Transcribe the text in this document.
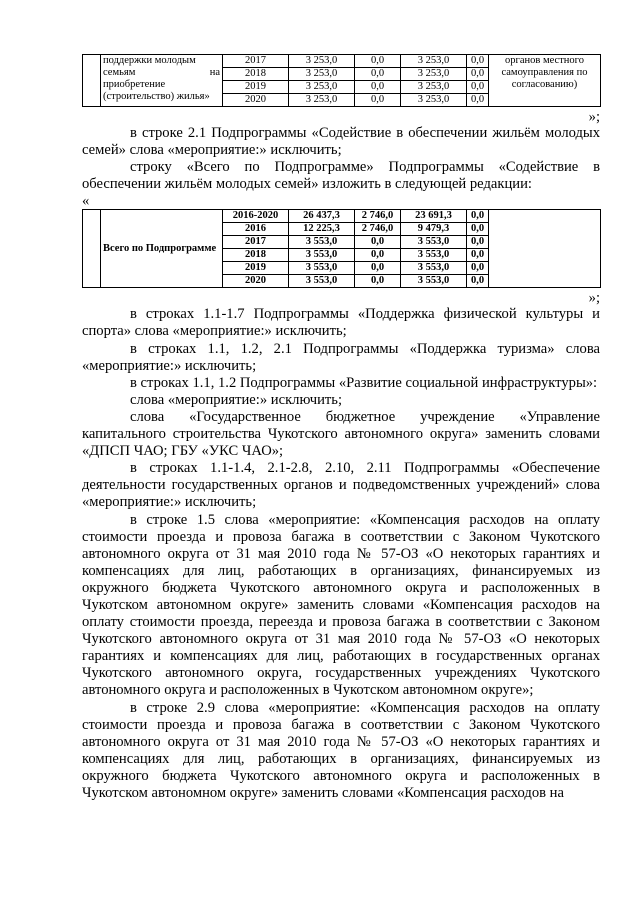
	поддержки молодым
семьям на
приобретение
(строительство) жилья»	2017	3 253,0	0,0	3 253,0	0,0	органов местного самоуправления по согласованию)
		2018	3 253,0	0,0	3 253,0	0,0	
		2019	3 253,0	0,0	3 253,0	0,0	
		2020	3 253,0	0,0	3 253,0	0,0	

»;

в строке 2.1 Подпрограммы «Содействие в обеспечении жильём молодых семей» слова «мероприятие:» исключить;

строку «Всего по Подпрограмме» Подпрограммы «Содействие в обеспечении жильём молодых семей» изложить в следующей редакции:

«

	Всего по Подпрограмме	2016-2020	26 437,3	2 746,0	23 691,3	0,0	
		2016	12 225,3	2 746,0	9 479,3	0,0	
		2017	3 553,0	0,0	3 553,0	0,0	
		2018	3 553,0	0,0	3 553,0	0,0	
		2019	3 553,0	0,0	3 553,0	0,0	
		2020	3 553,0	0,0	3 553,0	0,0	

»;

в строках 1.1-1.7 Подпрограммы «Поддержка физической культуры и спорта» слова «мероприятие:» исключить;

в строках 1.1, 1.2, 2.1 Подпрограммы «Поддержка туризма» слова «мероприятие:» исключить;

в строках 1.1, 1.2 Подпрограммы «Развитие социальной инфраструктуры»:

слова «мероприятие:» исключить;

слова «Государственное бюджетное учреждение «Управление капитального строительства Чукотского автономного округа» заменить словами «ДПСП ЧАО; ГБУ «УКС ЧАО»;

в строках 1.1-1.4, 2.1-2.8, 2.10, 2.11 Подпрограммы «Обеспечение деятельности государственных органов и подведомственных учреждений» слова «мероприятие:» исключить;

в строке 1.5 слова «мероприятие: «Компенсация расходов на оплату стоимости проезда и провоза багажа в соответствии с Законом Чукотского автономного округа от 31 мая 2010 года № 57-ОЗ «О некоторых гарантиях и компенсациях для лиц, работающих в организациях, финансируемых из окружного бюджета Чукотского автономного округа и расположенных в Чукотском автономном округе» заменить словами «Компенсация расходов на оплату стоимости проезда, переезда и провоза багажа в соответствии с Законом Чукотского автономного округа от 31 мая 2010 года № 57-ОЗ «О некоторых гарантиях и компенсациях для лиц, работающих в государственных органах Чукотского автономного округа, государственных учреждениях Чукотского автономного округа и расположенных в Чукотском автономном округе»;

в строке 2.9 слова «мероприятие: «Компенсация расходов на оплату стоимости проезда и провоза багажа в соответствии с Законом Чукотского автономного округа от 31 мая 2010 года № 57-ОЗ «О некоторых гарантиях и компенсациях для лиц, работающих в организациях, финансируемых из окружного бюджета Чукотского автономного округа и расположенных в Чукотском автономном округе» заменить словами «Компенсация расходов на
